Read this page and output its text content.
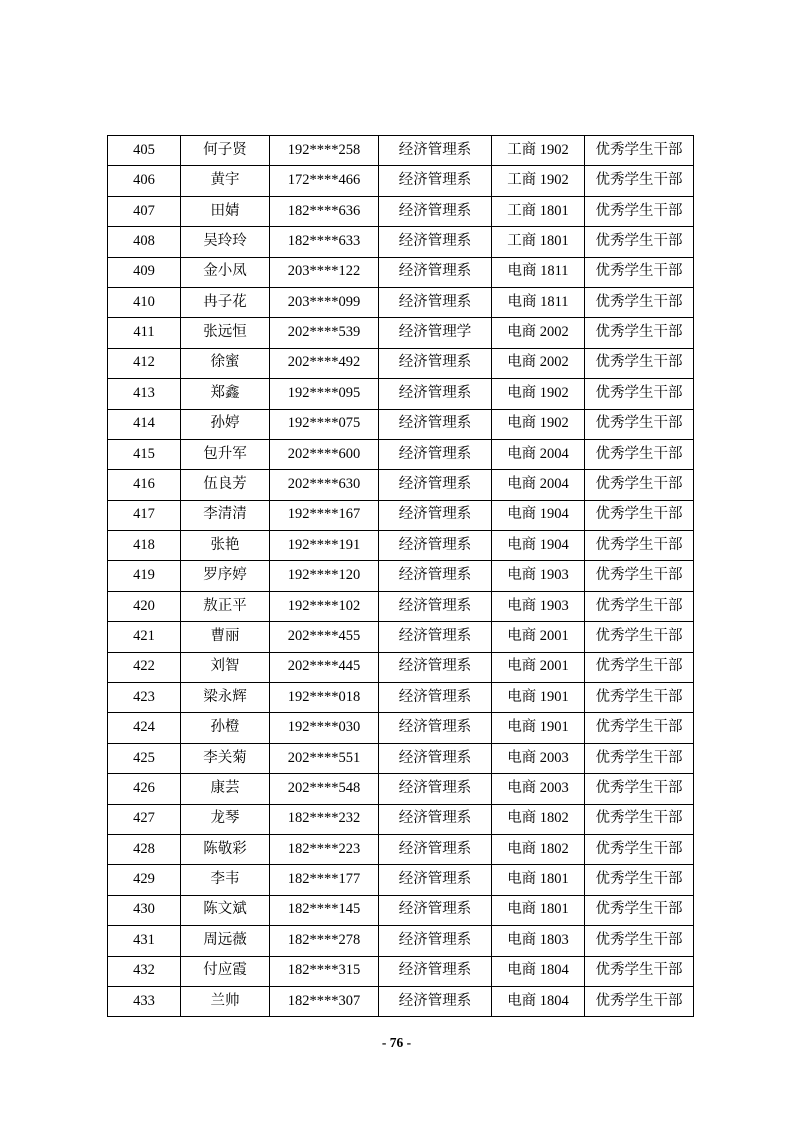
405	何子贤	192****258	经济管理系	工商 1902	优秀学生干部
406	黄宇	172****466	经济管理系	工商 1902	优秀学生干部
407	田婧	182****636	经济管理系	工商 1801	优秀学生干部
408	吴玲玲	182****633	经济管理系	工商 1801	优秀学生干部
409	金小凤	203****122	经济管理系	电商 1811	优秀学生干部
410	冉子花	203****099	经济管理系	电商 1811	优秀学生干部
411	张远恒	202****539	经济管理学	电商 2002	优秀学生干部
412	徐蜜	202****492	经济管理系	电商 2002	优秀学生干部
413	郑鑫	192****095	经济管理系	电商 1902	优秀学生干部
414	孙婷	192****075	经济管理系	电商 1902	优秀学生干部
415	包升军	202****600	经济管理系	电商 2004	优秀学生干部
416	伍良芳	202****630	经济管理系	电商 2004	优秀学生干部
417	李清清	192****167	经济管理系	电商 1904	优秀学生干部
418	张艳	192****191	经济管理系	电商 1904	优秀学生干部
419	罗序婷	192****120	经济管理系	电商 1903	优秀学生干部
420	敖正平	192****102	经济管理系	电商 1903	优秀学生干部
421	曹丽	202****455	经济管理系	电商 2001	优秀学生干部
422	刘智	202****445	经济管理系	电商 2001	优秀学生干部
423	梁永辉	192****018	经济管理系	电商 1901	优秀学生干部
424	孙橙	192****030	经济管理系	电商 1901	优秀学生干部
425	李关菊	202****551	经济管理系	电商 2003	优秀学生干部
426	康芸	202****548	经济管理系	电商 2003	优秀学生干部
427	龙琴	182****232	经济管理系	电商 1802	优秀学生干部
428	陈敬彩	182****223	经济管理系	电商 1802	优秀学生干部
429	李韦	182****177	经济管理系	电商 1801	优秀学生干部
430	陈文斌	182****145	经济管理系	电商 1801	优秀学生干部
431	周远薇	182****278	经济管理系	电商 1803	优秀学生干部
432	付应霞	182****315	经济管理系	电商 1804	优秀学生干部
433	兰帅	182****307	经济管理系	电商 1804	优秀学生干部
- 76 -
